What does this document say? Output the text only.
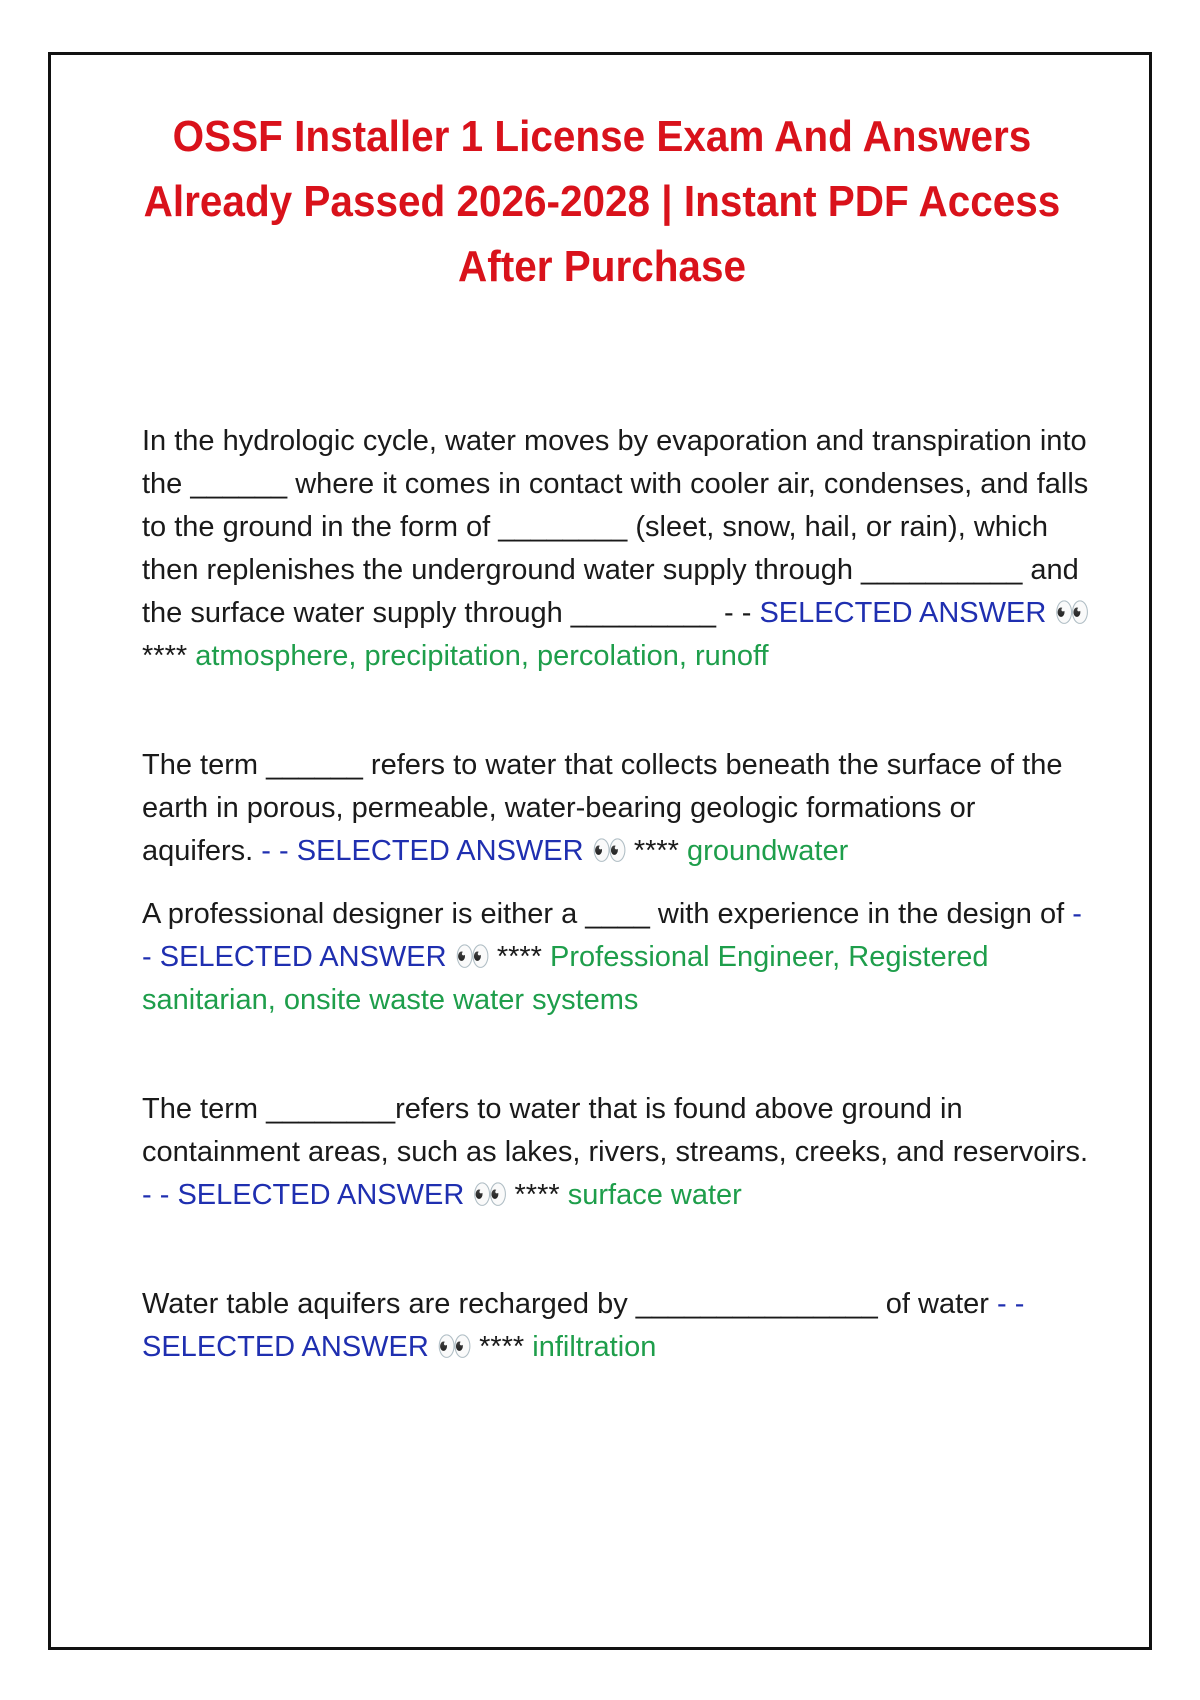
OSSF Installer 1 License Exam And Answers
Already Passed 2026-2028 | Instant PDF Access
After Purchase

In the hydrologic cycle, water moves by evaporation and transpiration into the ______ where it comes in contact with cooler air, condenses, and falls to the ground in the form of ________ (sleet, snow, hail, or rain), which then replenishes the underground water supply through __________ and the surface water supply through _________ - - SELECTED ANSWER 👀 **** atmosphere, precipitation, percolation, runoff

The term ______ refers to water that collects beneath the surface of the earth in porous, permeable, water-bearing geologic formations or aquifers. - - SELECTED ANSWER 👀 **** groundwater

A professional designer is either a ____ with experience in the design of - - SELECTED ANSWER 👀 **** Professional Engineer, Registered sanitarian, onsite waste water systems

The term ________refers to water that is found above ground in containment areas, such as lakes, rivers, streams, creeks, and reservoirs. - - SELECTED ANSWER 👀 **** surface water

Water table aquifers are recharged by _______________ of water - - SELECTED ANSWER 👀 **** infiltration
